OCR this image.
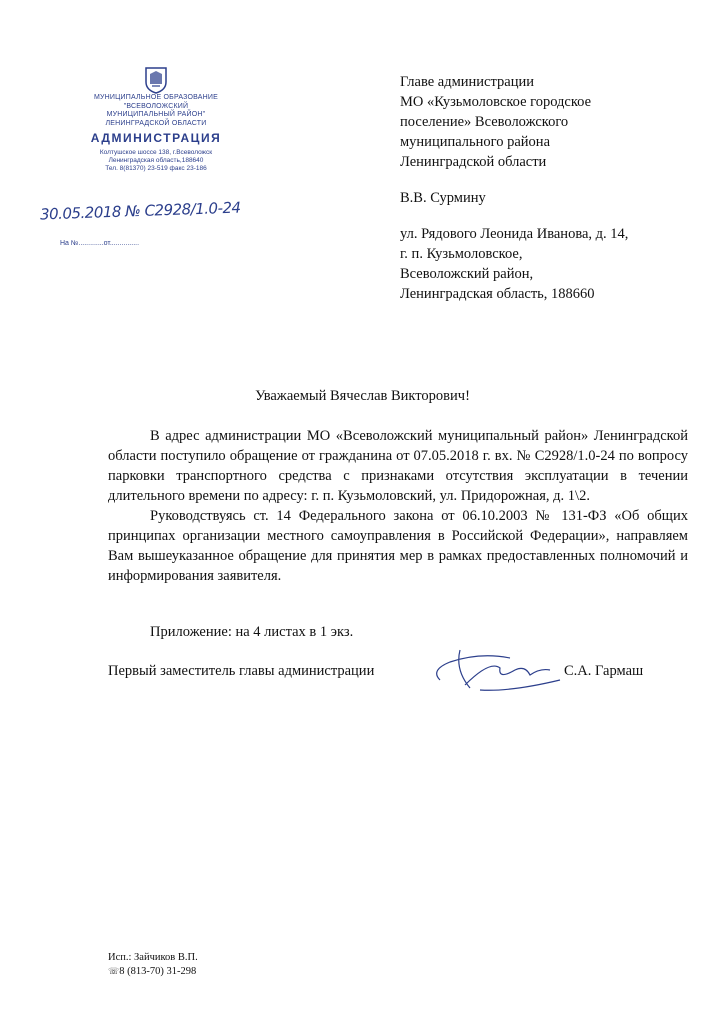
МУНИЦИПАЛЬНОЕ ОБРАЗОВАНИЕ
"ВСЕВОЛОЖСКИЙ
МУНИЦИПАЛЬНЫЙ РАЙОН"
ЛЕНИНГРАДСКОЙ ОБЛАСТИ
АДМИНИСТРАЦИЯ
Колтушское шоссе 138, г.Всеволожск
Ленинградская область,188640
Тел. 8(81370) 23-519 факс 23-186
30.05.2018 № С2928/1.0-24
На №.............от...............
Главе администрации
МО «Кузьмоловское городское
поселение» Всеволожского
муниципального района
Ленинградской области
В.В. Сурмину
ул. Рядового Леонида Иванова, д. 14,
г. п. Кузьмоловское,
Всеволожский район,
Ленинградская область, 188660
Уважаемый Вячеслав Викторович!

В адрес администрации МО «Всеволожский муниципальный район» Ленинградской области поступило обращение от гражданина от 07.05.2018 г. вх. № С2928/1.0-24 по вопросу парковки транспортного средства с признаками отсутствия эксплуатации в течении длительного времени по адресу: г. п. Кузьмоловский, ул. Придорожная, д. 1\2.

Руководствуясь ст. 14 Федерального закона от 06.10.2003 № 131-ФЗ «Об общих принципах организации местного самоуправления в Российской Федерации», направляем Вам вышеуказанное обращение для принятия мер в рамках предоставленных полномочий и информирования заявителя.

Приложение: на 4 листах в 1 экз.
Первый заместитель главы администрации	С.А. Гармаш
Исп.: Зайчиков В.П.
☏8 (813-70) 31-298
